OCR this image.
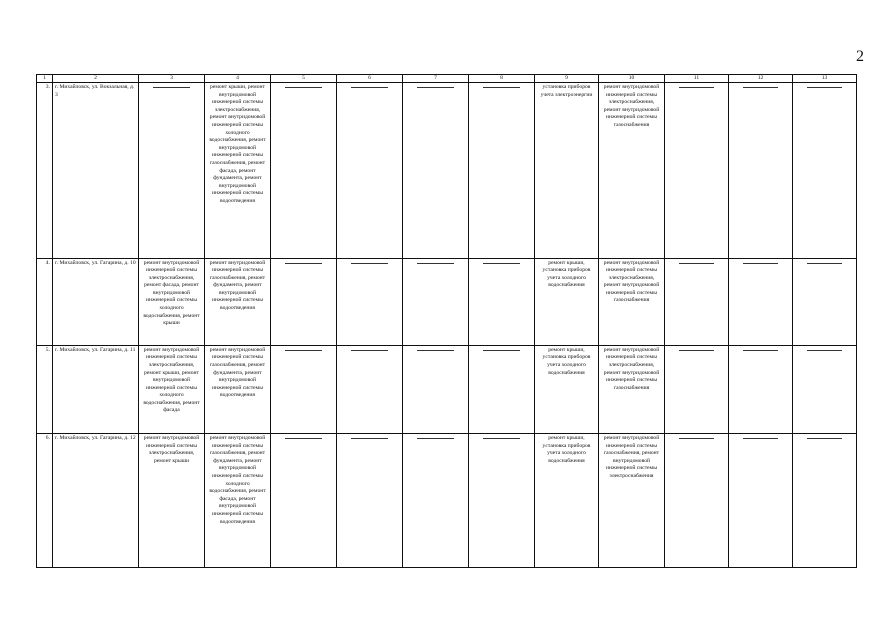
2
1	2	3	4	5	6	7	8	9	10	11	12	13
3.	г. Михайловск, ул. Вокзальная, д. 3		ремонт крыши, ремонт внутридомовой инженерной системы электроснабжения, ремонт внутридомовой инженерной системы холодного водоснабжения, ремонт внутридомовой инженерной системы газоснабжения, ремонт фасада, ремонт фундамента, ремонт внутридомовой инженерной системы водоотведения					установка приборов учета электроэнергии	ремонт внутридомовой инженерной системы электроснабжения, ремонт внутридомовой инженерной системы газоснабжения	

4.	г. Михайловск, ул. Гагарина, д. 10	ремонт внутридомовой инженерной системы электроснабжения, ремонт фасада, ремонт внутридомовой инженерной системы холодного водоснабжения, ремонт крыши	ремонт внутридомовой инженерной системы газоснабжения, ремонт фундамента, ремонт внутридомовой инженерной системы водоотведения					ремонт крыши, установка приборов учета холодного водоснабжения	ремонт внутридомовой инженерной системы электроснабжения, ремонт внутридомовой инженерной системы газоснабжения	

5.	г. Михайловск, ул. Гагарина, д. 11	ремонт внутридомовой инженерной системы электроснабжения, ремонт крыши, ремонт внутридомовой инженерной системы холодного водоснабжения, ремонт фасада	ремонт внутридомовой инженерной системы газоснабжения, ремонт фундамента, ремонт внутридомовой инженерной системы водоотведения					ремонт крыши, установка приборов учета холодного водоснабжения	ремонт внутридомовой инженерной системы электроснабжения, ремонт внутридомовой инженерной системы газоснабжения	

6.	г. Михайловск, ул. Гагарина, д. 12	ремонт внутридомовой инженерной системы электроснабжения, ремонт крыши	ремонт внутридомовой инженерной системы газоснабжения, ремонт фундамента, ремонт внутридомовой инженерной системы холодного водоснабжения, ремонт фасада, ремонт внутридомовой инженерной системы водоотведения					ремонт крыши, установка приборов учета холодного водоснабжения	ремонт внутридомовой инженерной системы газоснабжения, ремонт внутридомовой инженерной системы электроснабжения	
